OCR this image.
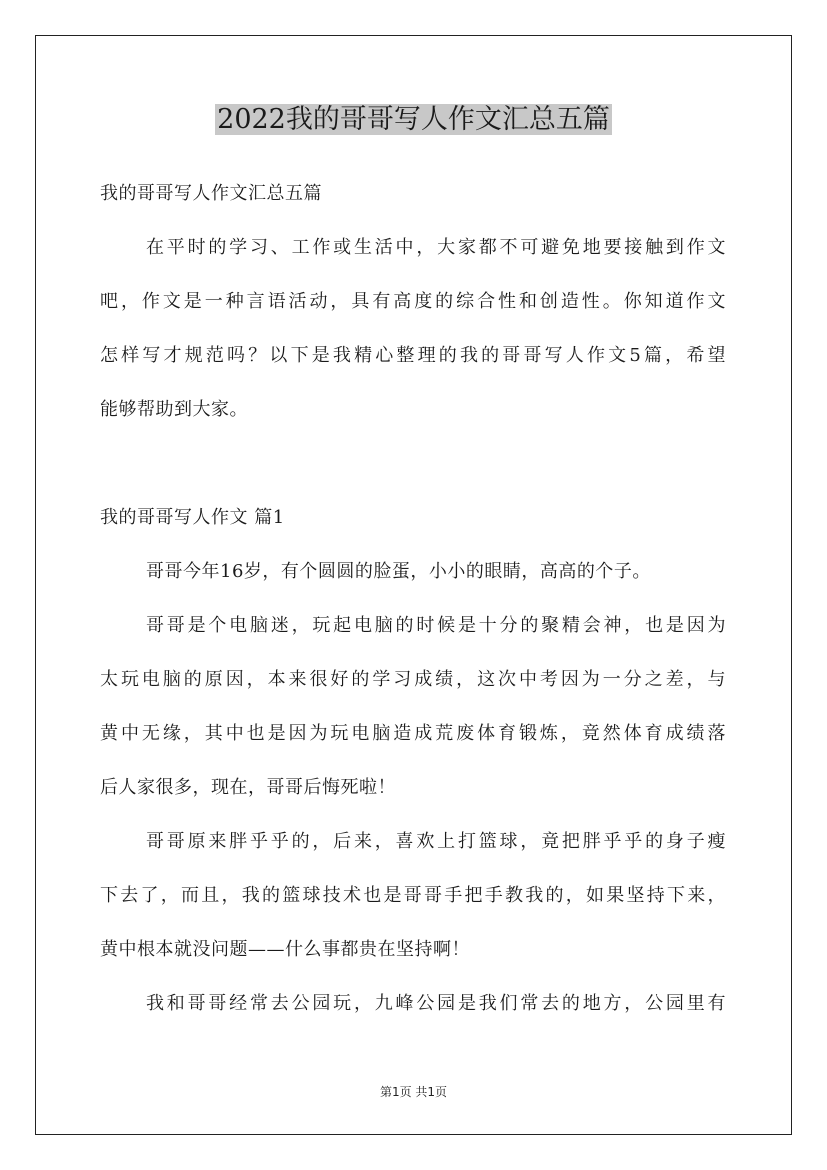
2022我的哥哥写人作文汇总五篇
我的哥哥写人作文汇总五篇
在平时的学习、工作或生活中，大家都不可避免地要接触到作文
吧，作文是一种言语活动，具有高度的综合性和创造性。你知道作文
怎样写才规范吗？以下是我精心整理的我的哥哥写人作文5篇，希望
能够帮助到大家。
我的哥哥写人作文 篇1
哥哥今年16岁，有个圆圆的脸蛋，小小的眼睛，高高的个子。
哥哥是个电脑迷，玩起电脑的时候是十分的聚精会神，也是因为
太玩电脑的原因，本来很好的学习成绩，这次中考因为一分之差，与
黄中无缘，其中也是因为玩电脑造成荒废体育锻炼，竟然体育成绩落
后人家很多，现在，哥哥后悔死啦！
哥哥原来胖乎乎的，后来，喜欢上打篮球，竟把胖乎乎的身子瘦
下去了，而且，我的篮球技术也是哥哥手把手教我的，如果坚持下来，
黄中根本就没问题——什么事都贵在坚持啊！
我和哥哥经常去公园玩，九峰公园是我们常去的地方，公园里有
第1页 共1页
